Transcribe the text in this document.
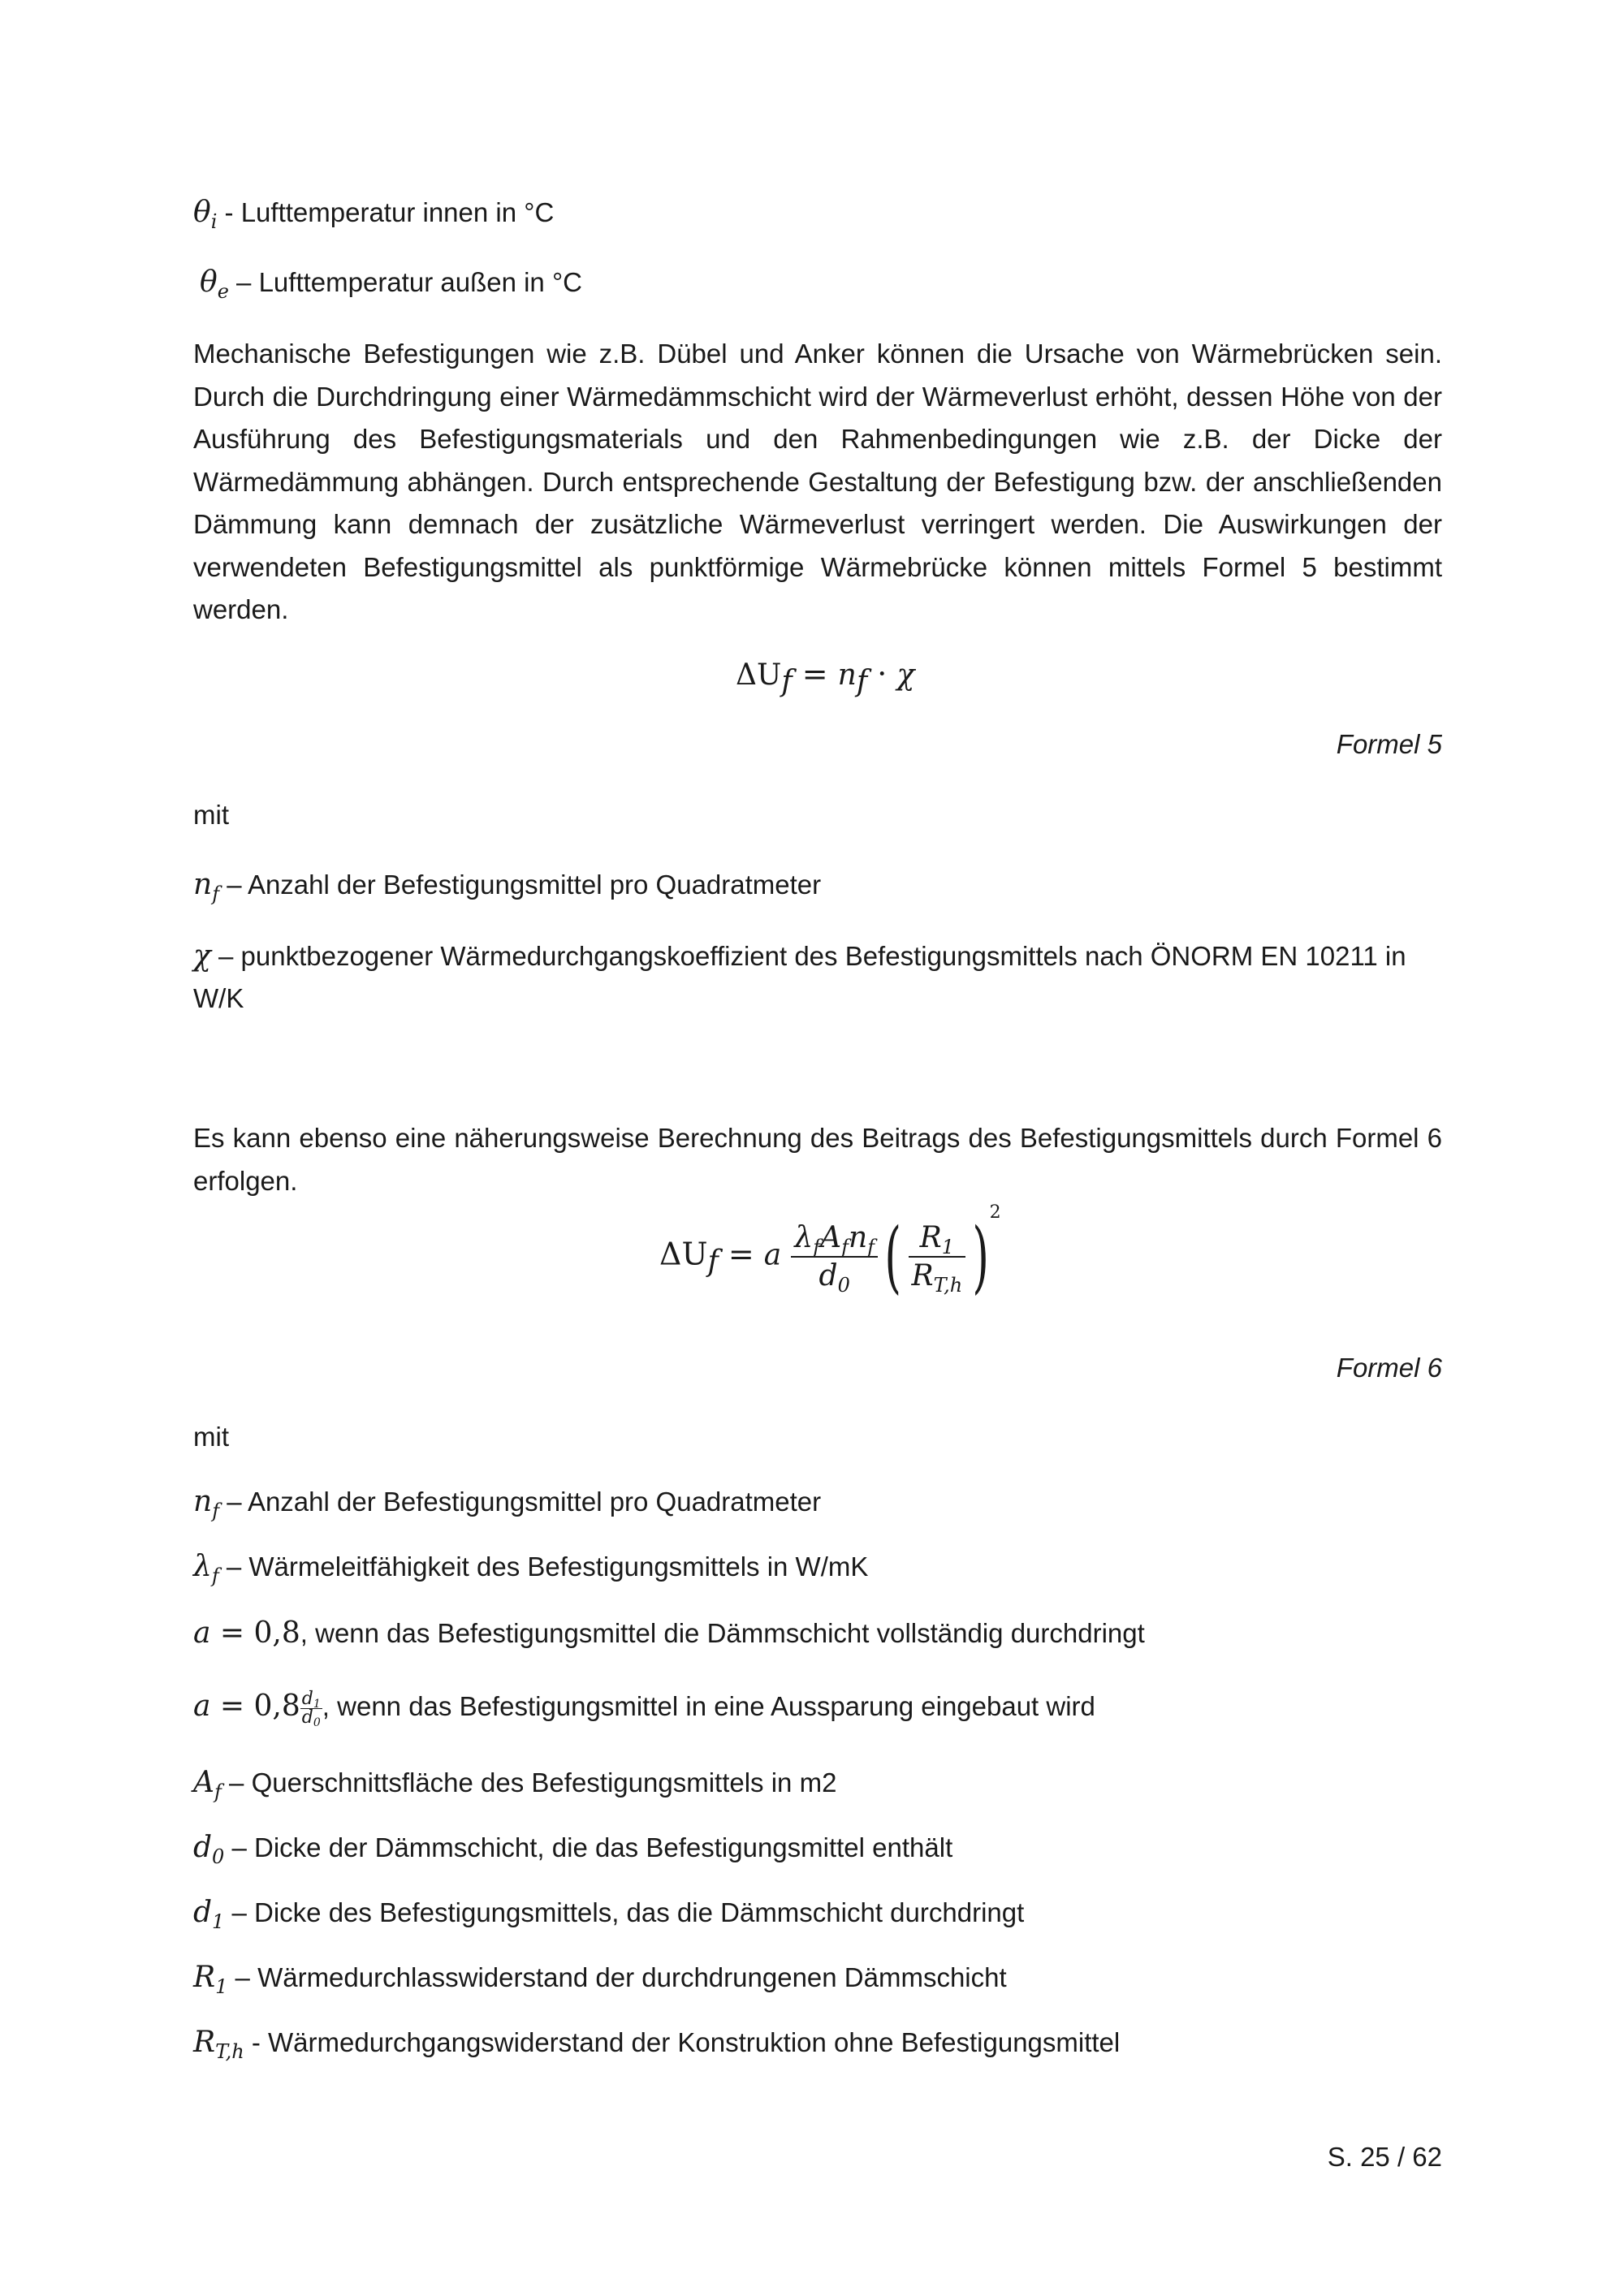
$\theta_i$ - Lufttemperatur innen in °C
$\theta_e$ – Lufttemperatur außen in °C
Mechanische Befestigungen wie z.B. Dübel und Anker können die Ursache von Wärmebrücken sein. Durch die Durchdringung einer Wärmedämmschicht wird der Wärmeverlust erhöht, dessen Höhe von der Ausführung des Befestigungsmaterials und den Rahmenbedingungen wie z.B. der Dicke der Wärmedämmung abhängen. Durch entsprechende Gestaltung der Befestigung bzw. der anschließenden Dämmung kann demnach der zusätzliche Wärmeverlust verringert werden. Die Auswirkungen der verwendeten Befestigungsmittel als punktförmige Wärmebrücke können mittels Formel 5 bestimmt werden.
$\Delta U_f = n_f \cdot \chi$
Formel 5
mit
$n_f$ – Anzahl der Befestigungsmittel pro Quadratmeter
χ – punktbezogener Wärmedurchgangskoeffizient des Befestigungsmittels nach ÖNORM EN 10211 in
W/K
Es kann ebenso eine näherungsweise Berechnung des Beitrags des Befestigungsmittels durch Formel 6 erfolgen.
$\Delta U_f = a \frac{\lambda_fA_fn_f}{d_0}$ ( $\frac{R_1}{R_{T,h}} )^2$
Formel 6
mit
$n_f$ – Anzahl der Befestigungsmittel pro Quadratmeter
$\lambda_f$ – Wärmeleitfähigkeit des Befestigungsmittels in W/mK
a = 0,8, wenn das Befestigungsmittel die Dämmschicht vollständig durchdringt
$a = 0,8 \frac{d_1}{d_0}$ , wenn das Befestigungsmittel in eine Aussparung eingebaut wird
$A_f$ – Querschnittsfläche des Befestigungsmittels in m2
$d_0$ – Dicke der Dämmschicht, die das Befestigungsmittel enthält
$d_1$ – Dicke des Befestigungsmittels, das die Dämmschicht durchdringt
$R_1$ – Wärmedurchlasswiderstand der durchdrungenen Dämmschicht
$R_{T,h}$ - Wärmedurchgangswiderstand der Konstruktion ohne Befestigungsmittel
S. 25 / 62
